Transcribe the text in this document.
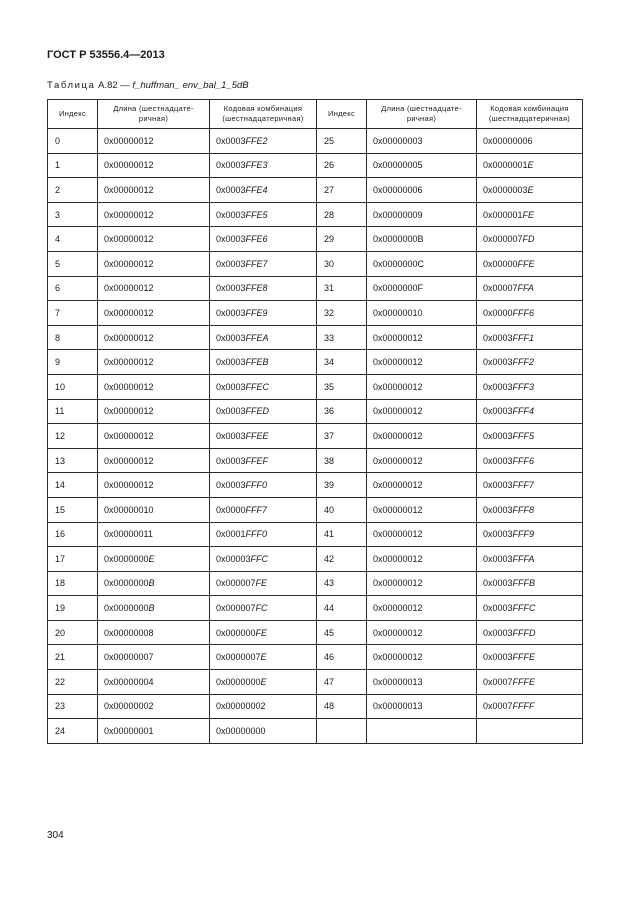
ГОСТ Р 53556.4—2013
Таблица А.82 — f_huffman_ env_bal_1_5dB
Индекс	Длина (шестнадцате-ричная)	Кодовая комбинация (шестнадцатеричная)	Индекс	Длина (шестнадцате-ричная)	Кодовая комбинация (шестнадцатеричная)
0	0x00000012	0x0003FFE2	25	0x00000003	0x00000006
1	0x00000012	0x0003FFE3	26	0x00000005	0x0000001E
2	0x00000012	0x0003FFE4	27	0x00000006	0x0000003E
3	0x00000012	0x0003FFE5	28	0x00000009	0x000001FE
4	0x00000012	0x0003FFE6	29	0x0000000B	0x000007FD
5	0x00000012	0x0003FFE7	30	0x0000000C	0x00000FFE
6	0x00000012	0x0003FFE8	31	0x0000000F	0x00007FFA
7	0x00000012	0x0003FFE9	32	0x00000010	0x0000FFF6
8	0x00000012	0x0003FFEA	33	0x00000012	0x0003FFF1
9	0x00000012	0x0003FFEB	34	0x00000012	0x0003FFF2
10	0x00000012	0x0003FFEC	35	0x00000012	0x0003FFF3
11	0x00000012	0x0003FFED	36	0x00000012	0x0003FFF4
12	0x00000012	0x0003FFEE	37	0x00000012	0x0003FFF5
13	0x00000012	0x0003FFEF	38	0x00000012	0x0003FFF6
14	0x00000012	0x0003FFF0	39	0x00000012	0x0003FFF7
15	0x00000010	0x0000FFF7	40	0x00000012	0x0003FFF8
16	0x00000011	0x0001FFF0	41	0x00000012	0x0003FFF9
17	0x0000000E	0x00003FFC	42	0x00000012	0x0003FFFA
18	0x0000000B	0x000007FE	43	0x00000012	0x0003FFFB
19	0x0000000B	0x000007FC	44	0x00000012	0x0003FFFC
20	0x00000008	0x000000FE	45	0x00000012	0x0003FFFD
21	0x00000007	0x0000007E	46	0x00000012	0x0003FFFE
22	0x00000004	0x0000000E	47	0x00000013	0x0007FFFE
23	0x00000002	0x00000002	48	0x00000013	0x0007FFFF
24	0x00000001	0x00000000			
304
